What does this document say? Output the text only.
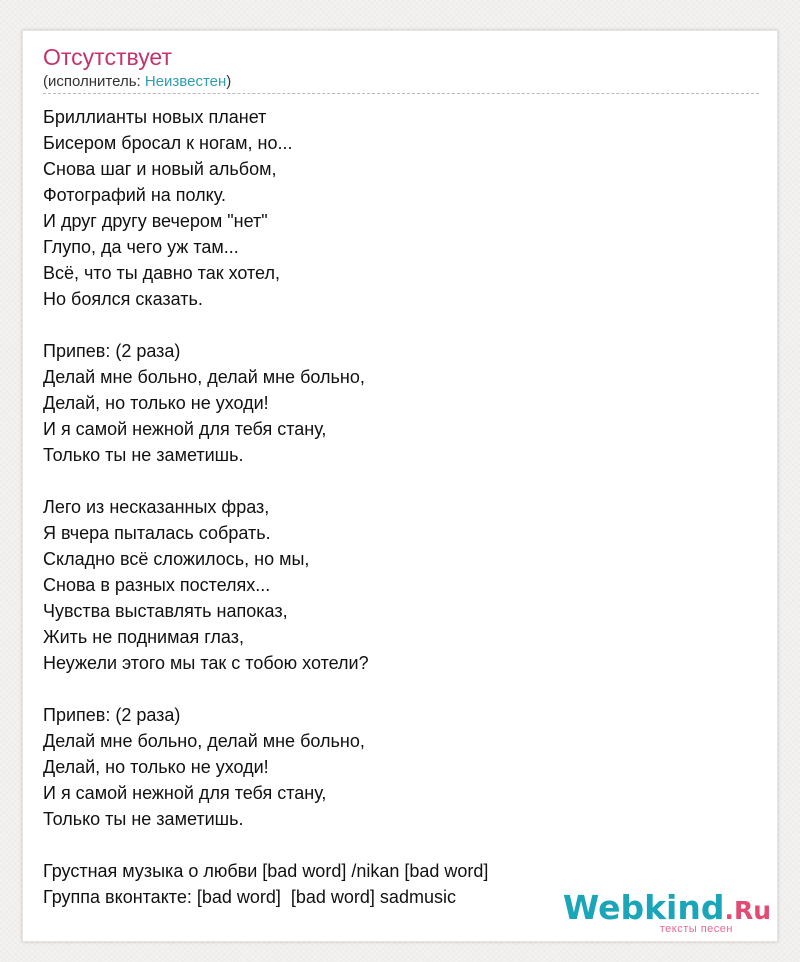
Отсутствует
(исполнитель: Неизвестен)
Бриллианты новых планет
Бисером бросал к ногам, но...
Снова шаг и новый альбом,
Фотографий на полку.
И друг другу вечером "нет"
Глупо, да чего уж там...
Всё, что ты давно так хотел,
Но боялся сказать.
Припев: (2 раза)
Делай мне больно, делай мне больно,
Делай, но только не уходи!
И я самой нежной для тебя стану,
Только ты не заметишь.
Лего из несказанных фраз,
Я вчера пыталась собрать.
Складно всё сложилось, но мы,
Снова в разных постелях...
Чувства выставлять напоказ,
Жить не поднимая глаз,
Неужели этого мы так с тобою хотели?
Припев: (2 раза)
Делай мне больно, делай мне больно,
Делай, но только не уходи!
И я самой нежной для тебя стану,
Только ты не заметишь.
Грустная музыка о любви [bad word] /nikan [bad word]
Группа вконтакте: [bad word]  [bad word] sadmusic	Webkind.Ru
тексты песен
